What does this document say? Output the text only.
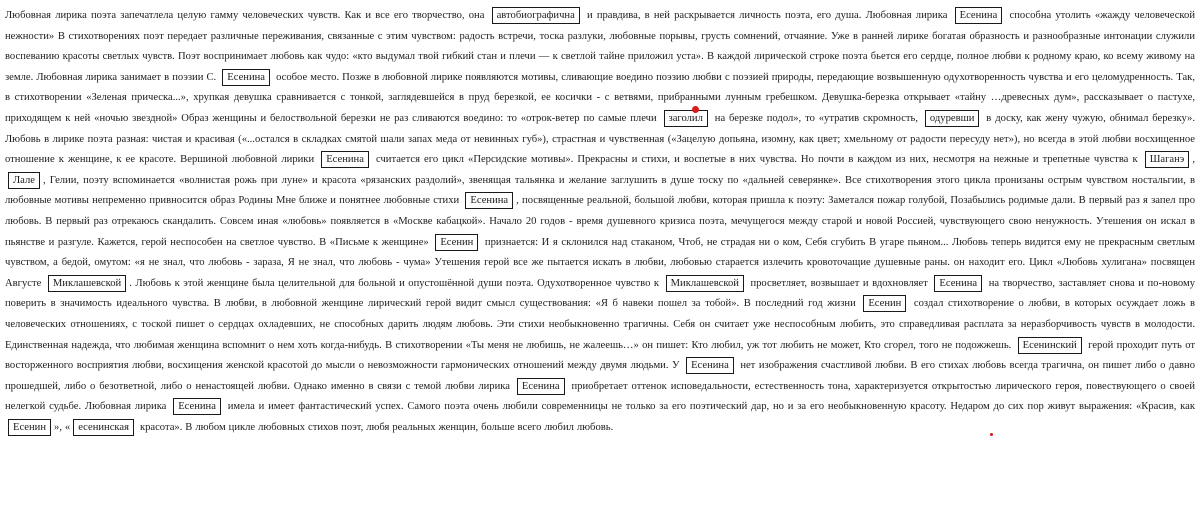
Любовная лирика поэта запечатлела целую гамму человеческих чувств. Как и все его творчество, она автобиографична и правдива, в ней раскрывается личность поэта, его душа. Любовная лирика Есенина способна утолить «жажду человеческой нежности» В стихотворениях поэт передает различные переживания, связанные с этим чувством: радость встречи, тоска разлуки, любовные порывы, грусть сомнений, отчаяние. Уже в ранней лирике богатая образность и разнообразные интонации служили воспеванию красоты светлых чувств. Поэт воспринимает любовь как чудо: «кто выдумал твой гибкий стан и плечи — к светлой тайне приложил уста». В каждой лирической строке поэта бьется его сердце, полное любви к родному краю, ко всему живому на земле. Любовная лирика занимает в поэзии С. Есенина особое место. Позже в любовной лирике появляются мотивы, сливающие воедино поэзию любви с поэзией природы, передающие возвышенную одухотворенность чувства и его целомудренность. Так, в стихотворении «Зеленая прическа...», хрупкая девушка сравнивается с тонкой, заглядевшейся в пруд березкой, ее косички - с ветвями, прибранными лунным гребешком. Девушка-березка открывает «тайну …древесных дум», рассказывает о пастухе, приходящем к ней «ночью звездной» Образ женщины и белоствольной березки не раз сливаются воедино: то «отрок-ветер по самые плечи заголил на березке подол», то «утратив скромность, одуревши в доску, как жену чужую, обнимал березку». Любовь в лирике поэта разная: чистая и красивая («...остался в складках смятой шали запах меда от невинных губ»), страстная и чувственная («Зацелую допьяна, изомну, как цвет; хмельному от радости пересуду нет»), но всегда в этой любви восхищенное отношение к женщине, к ее красоте. Вершиной любовной лирики Есенина считается его цикл «Персидские мотивы». Прекрасны и стихи, и воспетые в них чувства. Но почти в каждом из них, несмотря на нежные и трепетные чувства к Шаганэ , Лале , Гелии, поэту вспоминается «волнистая рожь при луне» и красота «рязанских раздолий», звенящая тальянка и желание заглушить в душе тоску по «дальней северянке». Все стихотворения этого цикла пронизаны острым чувством ностальгии, в любовные мотивы непременно привносится образ Родины Мне ближе и понятнее любовные стихи Есенина , посвященные реальной, большой любви, которая пришла к поэту: Заметался пожар голубой, Позабылись родимые дали. В первый раз я запел про любовь. В первый раз отрекаюсь скандалить. Совсем иная «любовь» появляется в «Москве кабацкой». Начало 20 годов - время душевного кризиса поэта, мечущегося между старой и новой Россией, чувствующего свою ненужность. Утешения он искал в пьянстве и разгуле. Кажется, герой неспособен на светлое чувство. В «Письме к женщине» Есенин признается: И я склонился над стаканом, Чтоб, не страдая ни о ком, Себя сгубить В угаре пьяном... Любовь теперь видится ему не прекрасным светлым чувством, а бедой, омутом: «я не знал, что любовь - зараза, Я не знал, что любовь - чума» Утешения герой все же пытается искать в любви, любовью старается излечить кровоточащие душевные раны. он находит его. Цикл «Любовь хулигана» посвящен Августе Миклашевской . Любовь к этой женщине была целительной для больной и опустошённой души поэта. Одухотворенное чувство к Миклашевской просветляет, возвышает и вдохновляет Есенина на творчество, заставляет снова и по-новому поверить в значимость идеального чувства. В любви, в любовной женщине лирический герой видит смысл существования: «Я б навеки пошел за тобой». В последний год жизни Есенин создал стихотворение о любви, в которых осуждает ложь в человеческих отношениях, с тоской пишет о сердцах охладевших, не способных дарить людям любовь. Эти стихи необыкновенно трагичны. Себя он считает уже неспособным любить, это справедливая расплата за неразборчивость чувств в молодости. Единственная надежда, что любимая женщина вспомнит о нем хоть когда-нибудь. В стихотворении «Ты меня не любишь, не жалеешь…» он пишет: Кто любил, уж тот любить не может, Кто сгорел, того не подожжешь. Есенинский герой проходит путь от восторженного восприятия любви, восхищения женской красотой до мысли о невозможности гармонических отношений между двумя людьми. У Есенина нет изображения счастливой любви. В его стихах любовь всегда трагична, он пишет либо о давно прошедшей, либо о безответной, либо о ненастоящей любви. Однако именно в связи с темой любви лирика Есенина приобретает оттенок исповедальности, естественность тона, характеризуется открытостью лирического героя, повествующего о своей нелегкой судьбе. Любовная лирика Есенина имела и имеет фантастический успех. Самого поэта очень любили современницы не только за его поэтический дар, но и за его необыкновенную красоту. Недаром до сих пор живут выражения: «Красив, как Есенин », « есенинская красота». В любом цикле любовных стихов поэт, любя реальных женщин, больше всего любил любовь.
